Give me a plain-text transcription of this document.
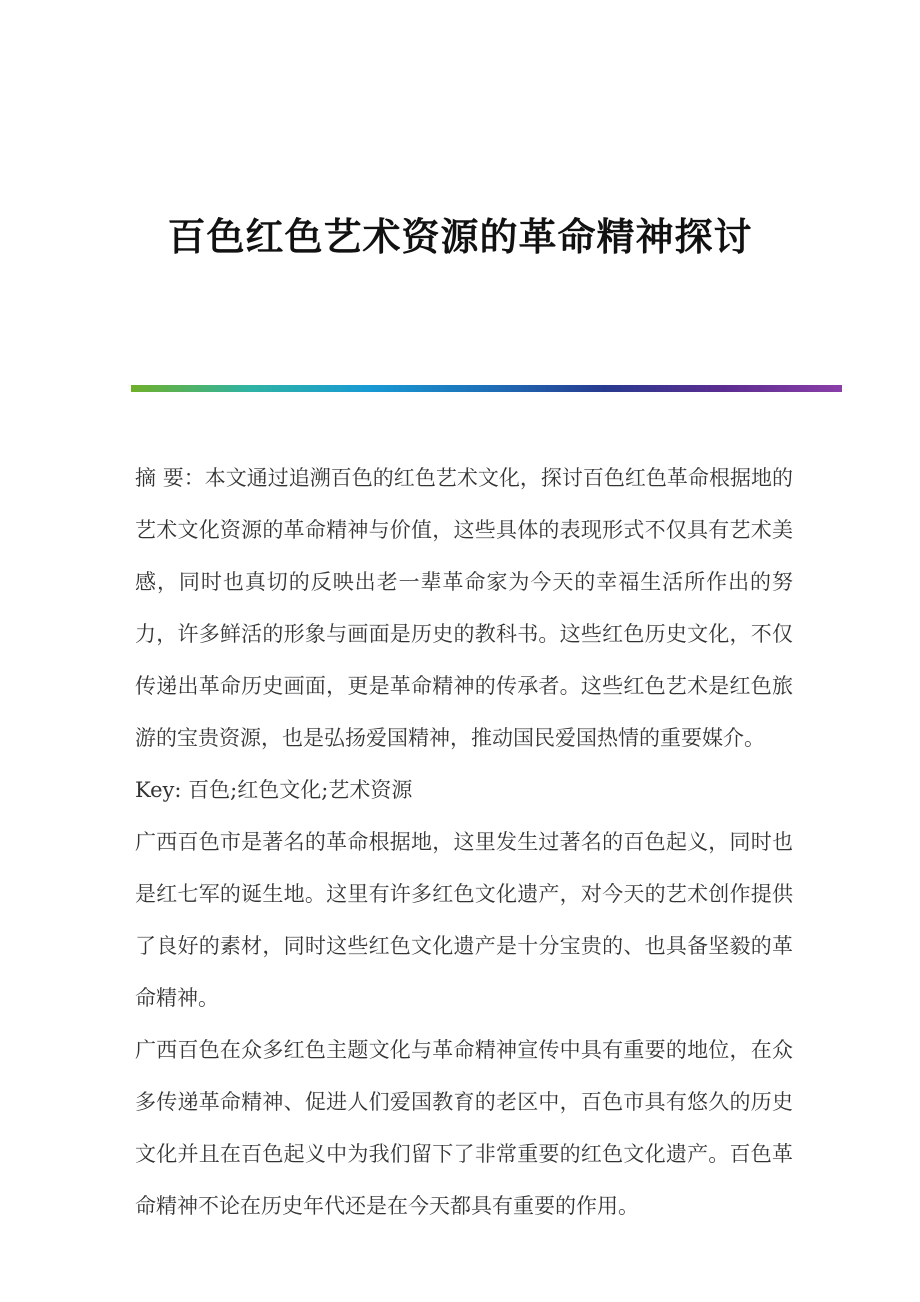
百色红色艺术资源的革命精神探讨

摘 要：本文通过追溯百色的红色艺术文化，探讨百色红色革命根据地的艺术文化资源的革命精神与价值，这些具体的表现形式不仅具有艺术美感，同时也真切的反映出老一辈革命家为今天的幸福生活所作出的努力，许多鲜活的形象与画面是历史的教科书。这些红色历史文化，不仅传递出革命历史画面，更是革命精神的传承者。这些红色艺术是红色旅游的宝贵资源，也是弘扬爱国精神，推动国民爱国热情的重要媒介。

Key: 百色;红色文化;艺术资源

广西百色市是著名的革命根据地，这里发生过著名的百色起义，同时也是红七军的诞生地。这里有许多红色文化遗产，对今天的艺术创作提供了良好的素材，同时这些红色文化遗产是十分宝贵的、也具备坚毅的革命精神。

广西百色在众多红色主题文化与革命精神宣传中具有重要的地位，在众多传递革命精神、促进人们爱国教育的老区中，百色市具有悠久的历史文化并且在百色起义中为我们留下了非常重要的红色文化遗产。百色革命精神不论在历史年代还是在今天都具有重要的作用。
